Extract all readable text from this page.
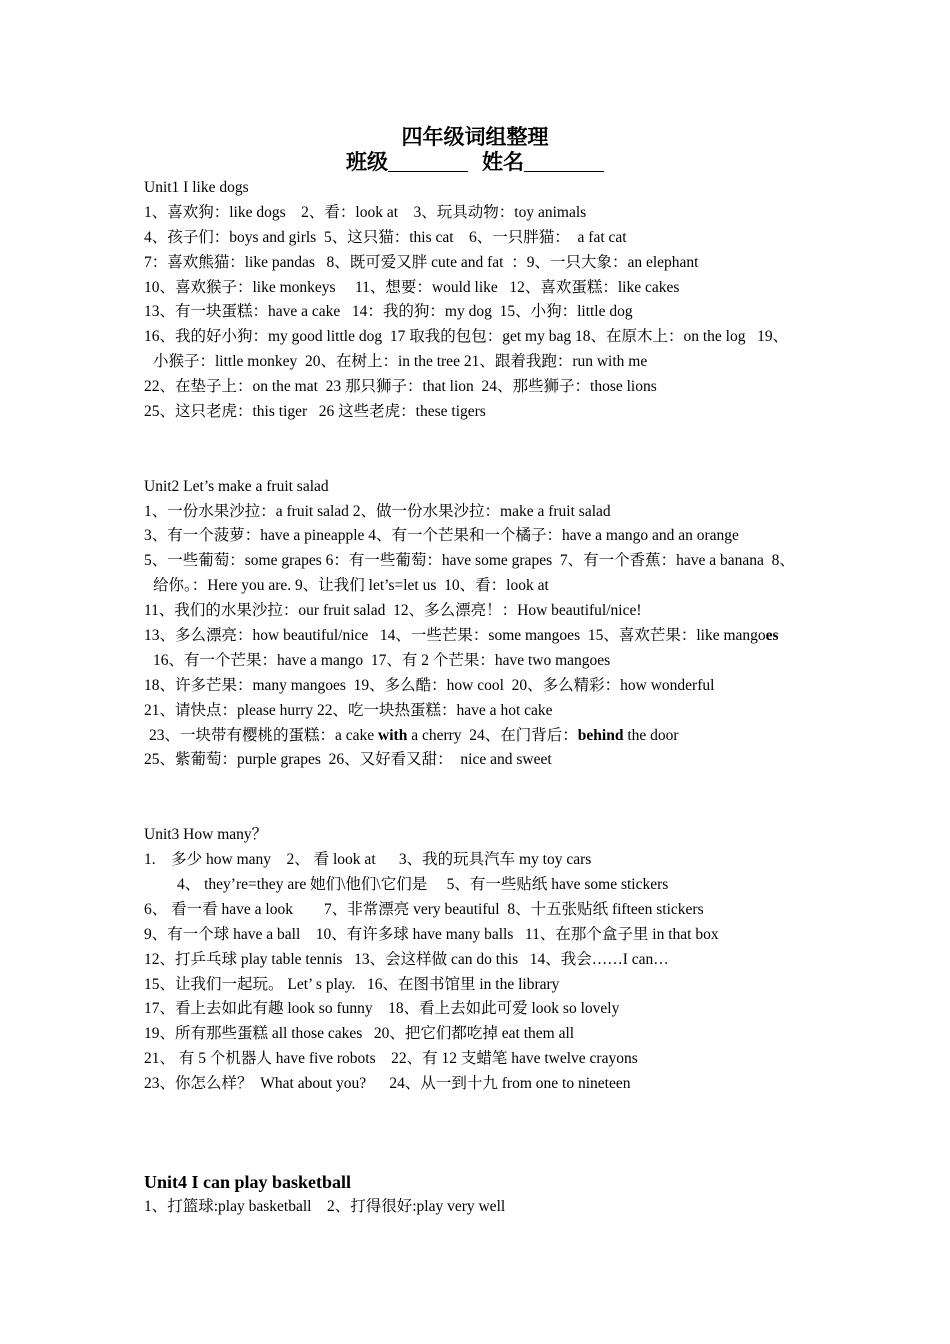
四年级词组整理
班级	姓名
Unit1 I like dogs
1、喜欢狗：like dogs    2、看：look at    3、玩具动物：toy animals
4、孩子们：boys and girls  5、这只猫：this cat    6、一只胖猫：  a fat cat
7：喜欢熊猫：like pandas   8、既可爱又胖 cute and fat  ：9、一只大象：an elephant
10、喜欢猴子：like monkeys     11、想要：would like   12、喜欢蛋糕：like cakes
13、有一块蛋糕：have a cake   14：我的狗：my dog  15、小狗：little dog
16、我的好小狗：my good little dog  17 取我的包包：get my bag 18、在原木上：on the log   19、
小猴子：little monkey  20、在树上：in the tree 21、跟着我跑：run with me
22、在垫子上：on the mat  23 那只狮子：that lion  24、那些狮子：those lions
25、这只老虎：this tiger   26 这些老虎：these tigers
Unit2 Let’s make a fruit salad
1、一份水果沙拉：a fruit salad 2、做一份水果沙拉：make a fruit salad
3、有一个菠萝：have a pineapple 4、有一个芒果和一个橘子：have a mango and an orange
5、一些葡萄：some grapes 6：有一些葡萄：have some grapes  7、有一个香蕉：have a banana  8、
给你。：Here you are. 9、让我们 let’s=let us  10、看：look at
11、我们的水果沙拉：our fruit salad  12、多么漂亮！：How beautiful/nice!
13、多么漂亮：how beautiful/nice   14、一些芒果：some mangoes  15、喜欢芒果：like mangoes
16、有一个芒果：have a mango  17、有 2 个芒果：have two mangoes
18、许多芒果：many mangoes  19、多么酷：how cool  20、多么精彩：how wonderful
21、请快点：please hurry 22、吃一块热蛋糕：have a hot cake
23、一块带有樱桃的蛋糕：a cake with a cherry  24、在门背后：behind the door
25、紫葡萄：purple grapes  26、又好看又甜：  nice and sweet
Unit3 How many？
1.    多少 how many    2、 看 look at      3、我的玩具汽车 my toy cars
4、 they’re=they are 她们\他们\它们是     5、有一些贴纸 have some stickers
6、 看一看 have a look        7、非常漂亮 very beautiful  8、十五张贴纸 fifteen stickers
9、有一个球 have a ball    10、有许多球 have many balls   11、在那个盒子里 in that box
12、打乒乓球 play table tennis   13、会这样做 can do this   14、我会……I can…
15、让我们一起玩。 Let’ s play.   16、在图书馆里 in the library
17、看上去如此有趣 look so funny    18、看上去如此可爱 look so lovely
19、所有那些蛋糕 all those cakes   20、把它们都吃掉 eat them all
21、 有 5 个机器人 have five robots    22、有 12 支蜡笔 have twelve crayons
23、你怎么样？  What about you?      24、从一到十九 from one to nineteen
Unit4 I can play basketball
1、打篮球:play basketball    2、打得很好:play very well
